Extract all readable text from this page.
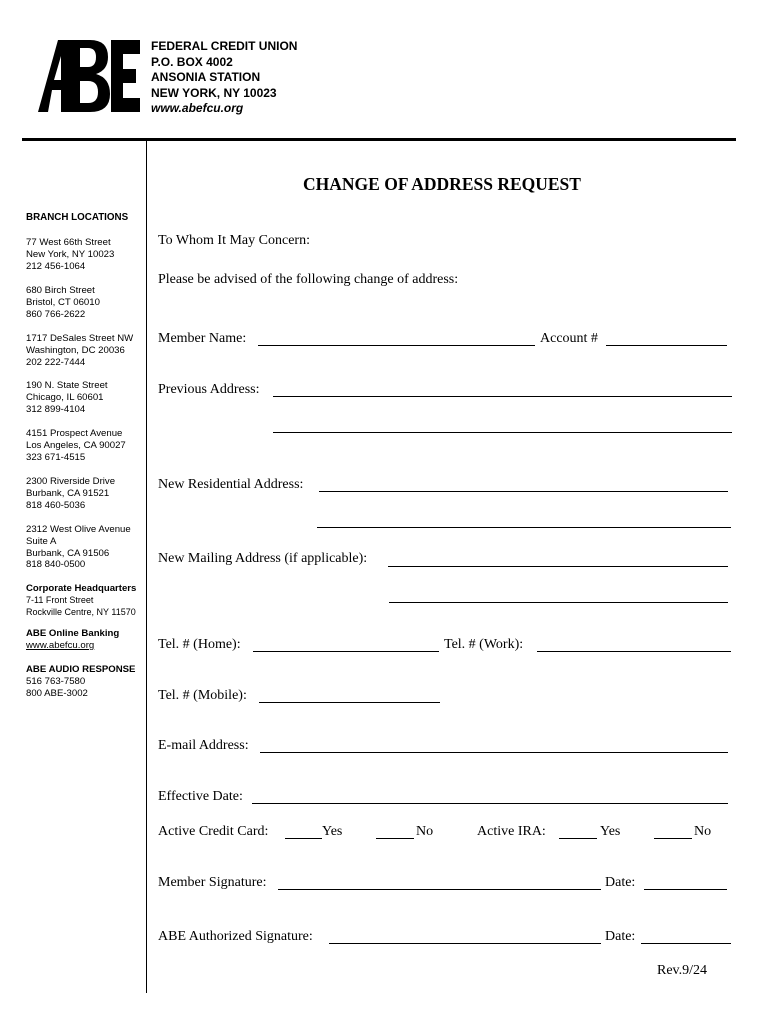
FEDERAL CREDIT UNION
P.O. BOX 4002
ANSONIA STATION
NEW YORK, NY 10023
www.abefcu.org
BRANCH LOCATIONS
77 West 66th Street
New York, NY 10023
212 456-1064
680 Birch Street
Bristol, CT 06010
860 766-2622
1717 DeSales Street NW
Washington, DC 20036
202 222-7444
190 N. State Street
Chicago, IL 60601
312 899-4104
4151 Prospect Avenue
Los Angeles, CA 90027
323 671-4515
2300 Riverside Drive
Burbank, CA 91521
818 460-5036
2312 West Olive Avenue
Suite A
Burbank, CA 91506
818 840-0500
Corporate Headquarters
7-11 Front Street
Rockville Centre, NY 11570
ABE Online Banking
www.abefcu.org
ABE AUDIO RESPONSE
516 763-7580
800 ABE-3002
CHANGE OF ADDRESS REQUEST
To Whom It May Concern:
Please be advised of the following change of address:
Member Name:	Account #
Previous Address:
New Residential Address:
New Mailing Address (if applicable):
Tel. # (Home):	Tel. # (Work):
Tel. # (Mobile):
E-mail Address:
Effective Date:
Active Credit Card:	Yes	No	Active IRA:	Yes	No
Member Signature:	Date:
ABE Authorized Signature:	Date:
Rev.9/24
